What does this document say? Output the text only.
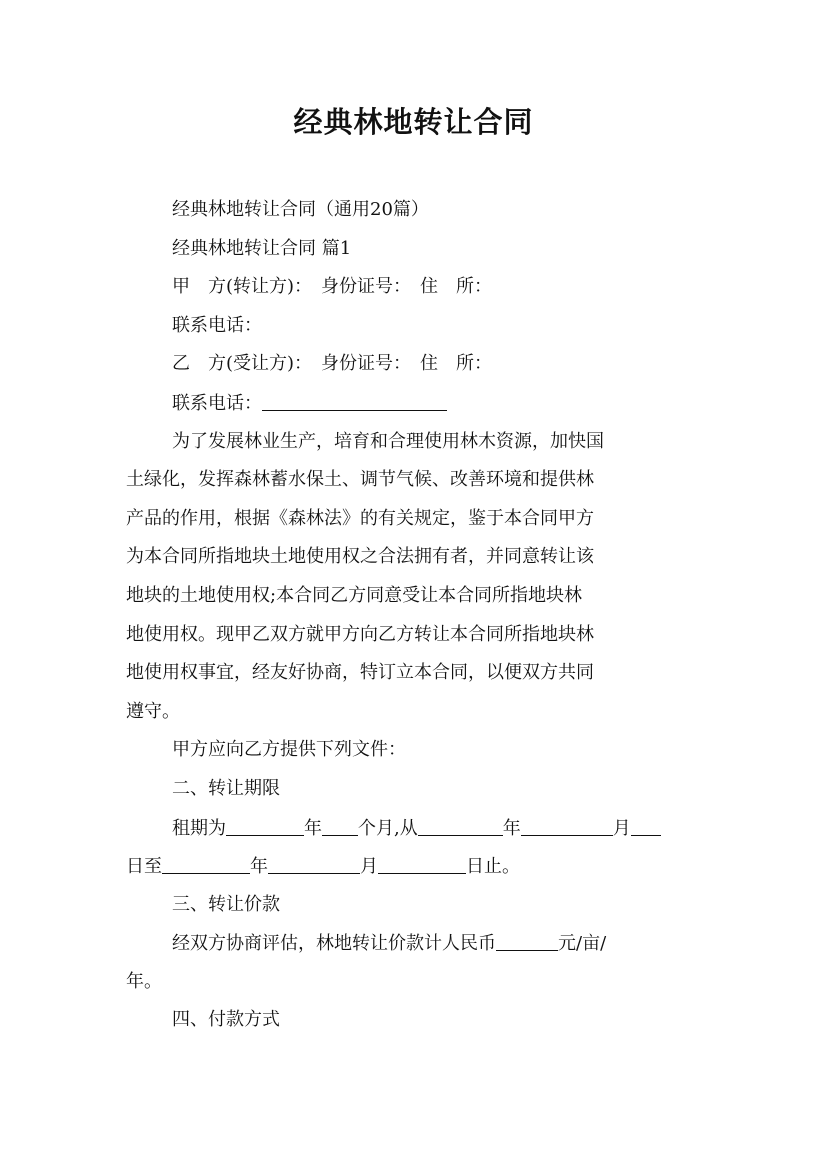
经典林地转让合同
经典林地转让合同（通用20篇）
经典林地转让合同 篇1
甲　方(转让方)：　身份证号：　住　所：
联系电话：
乙　方(受让方)：　身份证号：　住　所：
联系电话：
为了发展林业生产，培育和合理使用林木资源，加快国
土绿化，发挥森林蓄水保土、调节气候、改善环境和提供林
产品的作用，根据《森林法》的有关规定，鉴于本合同甲方
为本合同所指地块土地使用权之合法拥有者，并同意转让该
地块的土地使用权;本合同乙方同意受让本合同所指地块林
地使用权。现甲乙双方就甲方向乙方转让本合同所指地块林
地使用权事宜，经友好协商，特订立本合同，以便双方共同
遵守。
甲方应向乙方提供下列文件：
二、转让期限
租期为	年 个月,从	年	月
日至	年	月	日止。
三、转让价款
经双方协商评估，林地转让价款计人民币	元/亩/
年。
四、付款方式
